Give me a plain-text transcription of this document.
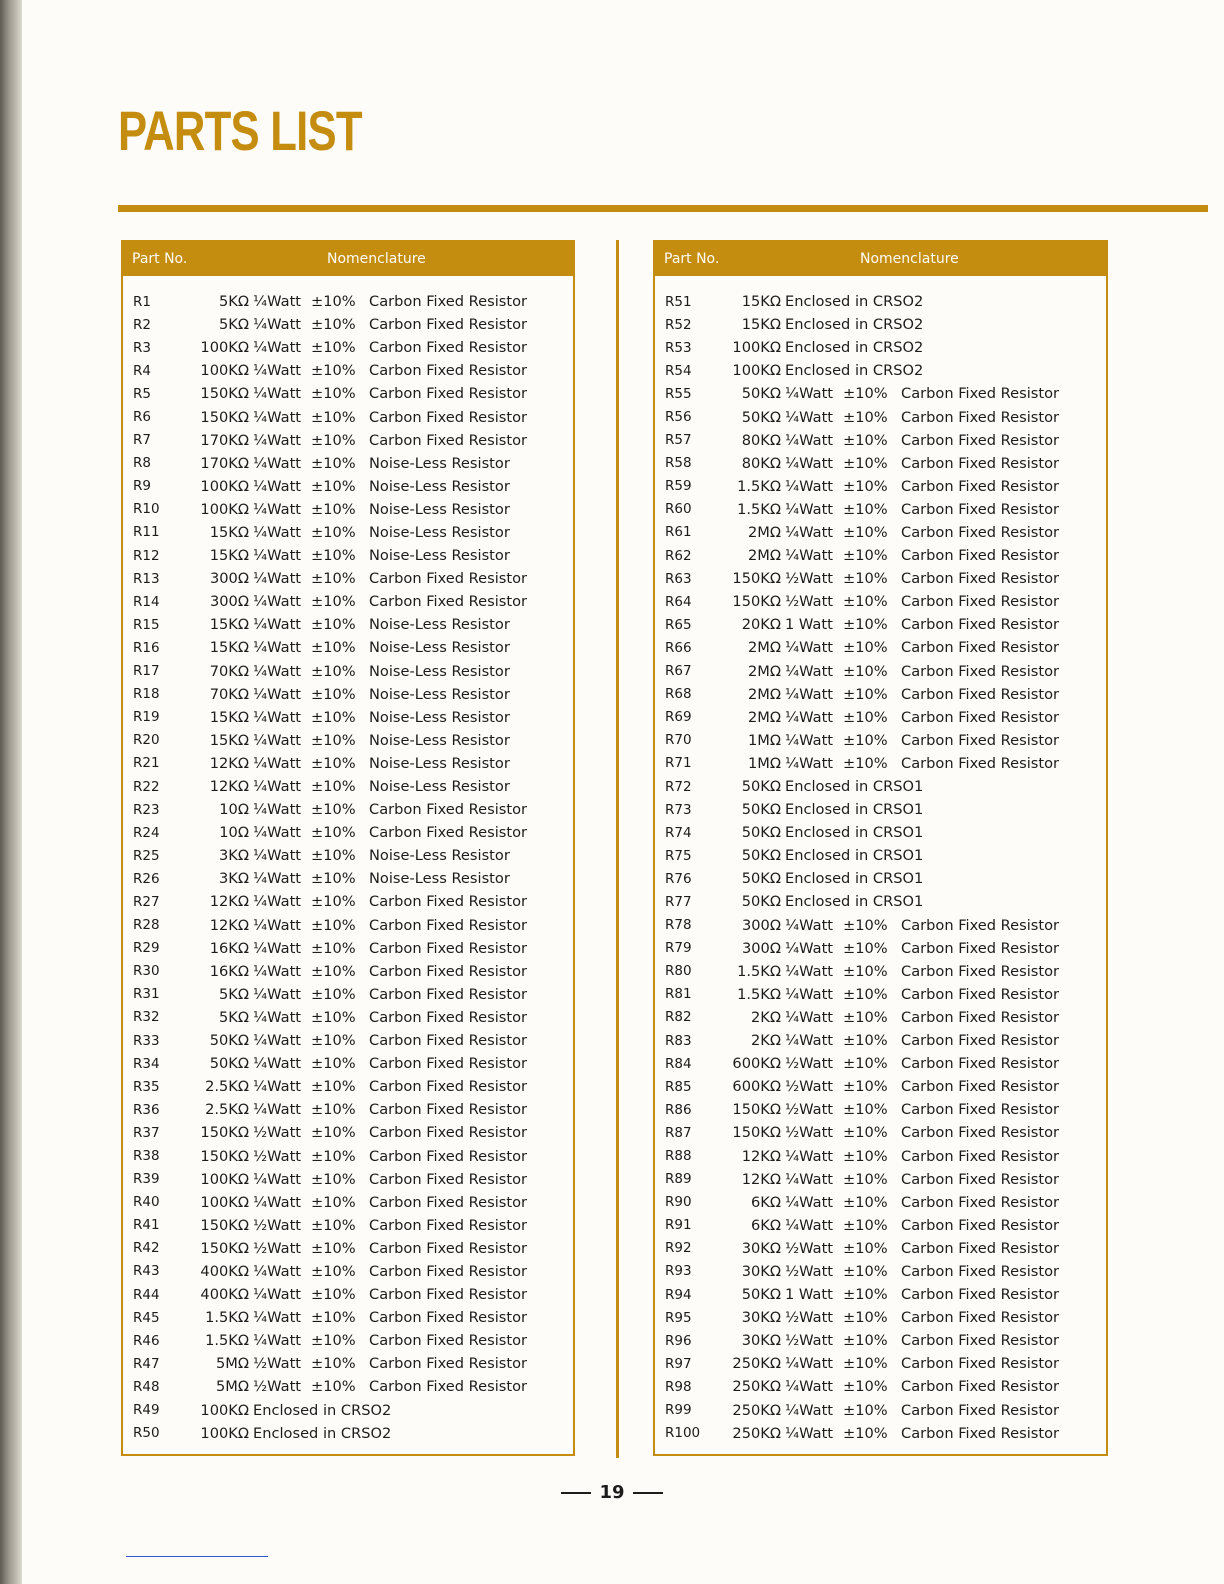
PARTS LIST
Part No.	Nomenclature
R1	5KΩ ¼Watt ±10% Carbon Fixed Resistor
R2	5KΩ ¼Watt ±10% Carbon Fixed Resistor
R3	100KΩ ¼Watt ±10% Carbon Fixed Resistor
R4	100KΩ ¼Watt ±10% Carbon Fixed Resistor
R5	150KΩ ¼Watt ±10% Carbon Fixed Resistor
R6	150KΩ ¼Watt ±10% Carbon Fixed Resistor
R7	170KΩ ¼Watt ±10% Carbon Fixed Resistor
R8	170KΩ ¼Watt ±10% Noise-Less Resistor
R9	100KΩ ¼Watt ±10% Noise-Less Resistor
R10	100KΩ ¼Watt ±10% Noise-Less Resistor
R11	15KΩ ¼Watt ±10% Noise-Less Resistor
R12	15KΩ ¼Watt ±10% Noise-Less Resistor
R13	300Ω ¼Watt ±10% Carbon Fixed Resistor
R14	300Ω ¼Watt ±10% Carbon Fixed Resistor
R15	15KΩ ¼Watt ±10% Noise-Less Resistor
R16	15KΩ ¼Watt ±10% Noise-Less Resistor
R17	70KΩ ¼Watt ±10% Noise-Less Resistor
R18	70KΩ ¼Watt ±10% Noise-Less Resistor
R19	15KΩ ¼Watt ±10% Noise-Less Resistor
R20	15KΩ ¼Watt ±10% Noise-Less Resistor
R21	12KΩ ¼Watt ±10% Noise-Less Resistor
R22	12KΩ ¼Watt ±10% Noise-Less Resistor
R23	10Ω ¼Watt ±10% Carbon Fixed Resistor
R24	10Ω ¼Watt ±10% Carbon Fixed Resistor
R25	3KΩ ¼Watt ±10% Noise-Less Resistor
R26	3KΩ ¼Watt ±10% Noise-Less Resistor
R27	12KΩ ¼Watt ±10% Carbon Fixed Resistor
R28	12KΩ ¼Watt ±10% Carbon Fixed Resistor
R29	16KΩ ¼Watt ±10% Carbon Fixed Resistor
R30	16KΩ ¼Watt ±10% Carbon Fixed Resistor
R31	5KΩ ¼Watt ±10% Carbon Fixed Resistor
R32	5KΩ ¼Watt ±10% Carbon Fixed Resistor
R33	50KΩ ¼Watt ±10% Carbon Fixed Resistor
R34	50KΩ ¼Watt ±10% Carbon Fixed Resistor
R35	2.5KΩ ¼Watt ±10% Carbon Fixed Resistor
R36	2.5KΩ ¼Watt ±10% Carbon Fixed Resistor
R37	150KΩ ½Watt ±10% Carbon Fixed Resistor
R38	150KΩ ½Watt ±10% Carbon Fixed Resistor
R39	100KΩ ¼Watt ±10% Carbon Fixed Resistor
R40	100KΩ ¼Watt ±10% Carbon Fixed Resistor
R41	150KΩ ½Watt ±10% Carbon Fixed Resistor
R42	150KΩ ½Watt ±10% Carbon Fixed Resistor
R43	400KΩ ¼Watt ±10% Carbon Fixed Resistor
R44	400KΩ ¼Watt ±10% Carbon Fixed Resistor
R45	1.5KΩ ¼Watt ±10% Carbon Fixed Resistor
R46	1.5KΩ ¼Watt ±10% Carbon Fixed Resistor
R47	5MΩ ½Watt ±10% Carbon Fixed Resistor
R48	5MΩ ½Watt ±10% Carbon Fixed Resistor
R49	100KΩ Enclosed in CRSO2
R50	100KΩ Enclosed in CRSO2
Part No.	Nomenclature
R51	15KΩ Enclosed in CRSO2
R52	15KΩ Enclosed in CRSO2
R53	100KΩ Enclosed in CRSO2
R54	100KΩ Enclosed in CRSO2
R55	50KΩ ¼Watt ±10% Carbon Fixed Resistor
R56	50KΩ ¼Watt ±10% Carbon Fixed Resistor
R57	80KΩ ¼Watt ±10% Carbon Fixed Resistor
R58	80KΩ ¼Watt ±10% Carbon Fixed Resistor
R59	1.5KΩ ¼Watt ±10% Carbon Fixed Resistor
R60	1.5KΩ ¼Watt ±10% Carbon Fixed Resistor
R61	2MΩ ¼Watt ±10% Carbon Fixed Resistor
R62	2MΩ ¼Watt ±10% Carbon Fixed Resistor
R63	150KΩ ½Watt ±10% Carbon Fixed Resistor
R64	150KΩ ½Watt ±10% Carbon Fixed Resistor
R65	20KΩ 1 Watt ±10% Carbon Fixed Resistor
R66	2MΩ ¼Watt ±10% Carbon Fixed Resistor
R67	2MΩ ¼Watt ±10% Carbon Fixed Resistor
R68	2MΩ ¼Watt ±10% Carbon Fixed Resistor
R69	2MΩ ¼Watt ±10% Carbon Fixed Resistor
R70	1MΩ ¼Watt ±10% Carbon Fixed Resistor
R71	1MΩ ¼Watt ±10% Carbon Fixed Resistor
R72	50KΩ Enclosed in CRSO1
R73	50KΩ Enclosed in CRSO1
R74	50KΩ Enclosed in CRSO1
R75	50KΩ Enclosed in CRSO1
R76	50KΩ Enclosed in CRSO1
R77	50KΩ Enclosed in CRSO1
R78	300Ω ¼Watt ±10% Carbon Fixed Resistor
R79	300Ω ¼Watt ±10% Carbon Fixed Resistor
R80	1.5KΩ ¼Watt ±10% Carbon Fixed Resistor
R81	1.5KΩ ¼Watt ±10% Carbon Fixed Resistor
R82	2KΩ ¼Watt ±10% Carbon Fixed Resistor
R83	2KΩ ¼Watt ±10% Carbon Fixed Resistor
R84	600KΩ ½Watt ±10% Carbon Fixed Resistor
R85	600KΩ ½Watt ±10% Carbon Fixed Resistor
R86	150KΩ ½Watt ±10% Carbon Fixed Resistor
R87	150KΩ ½Watt ±10% Carbon Fixed Resistor
R88	12KΩ ¼Watt ±10% Carbon Fixed Resistor
R89	12KΩ ¼Watt ±10% Carbon Fixed Resistor
R90	6KΩ ¼Watt ±10% Carbon Fixed Resistor
R91	6KΩ ¼Watt ±10% Carbon Fixed Resistor
R92	30KΩ ½Watt ±10% Carbon Fixed Resistor
R93	30KΩ ½Watt ±10% Carbon Fixed Resistor
R94	50KΩ 1 Watt ±10% Carbon Fixed Resistor
R95	30KΩ ½Watt ±10% Carbon Fixed Resistor
R96	30KΩ ½Watt ±10% Carbon Fixed Resistor
R97	250KΩ ¼Watt ±10% Carbon Fixed Resistor
R98	250KΩ ¼Watt ±10% Carbon Fixed Resistor
R99	250KΩ ¼Watt ±10% Carbon Fixed Resistor
R100	250KΩ ¼Watt ±10% Carbon Fixed Resistor
19
